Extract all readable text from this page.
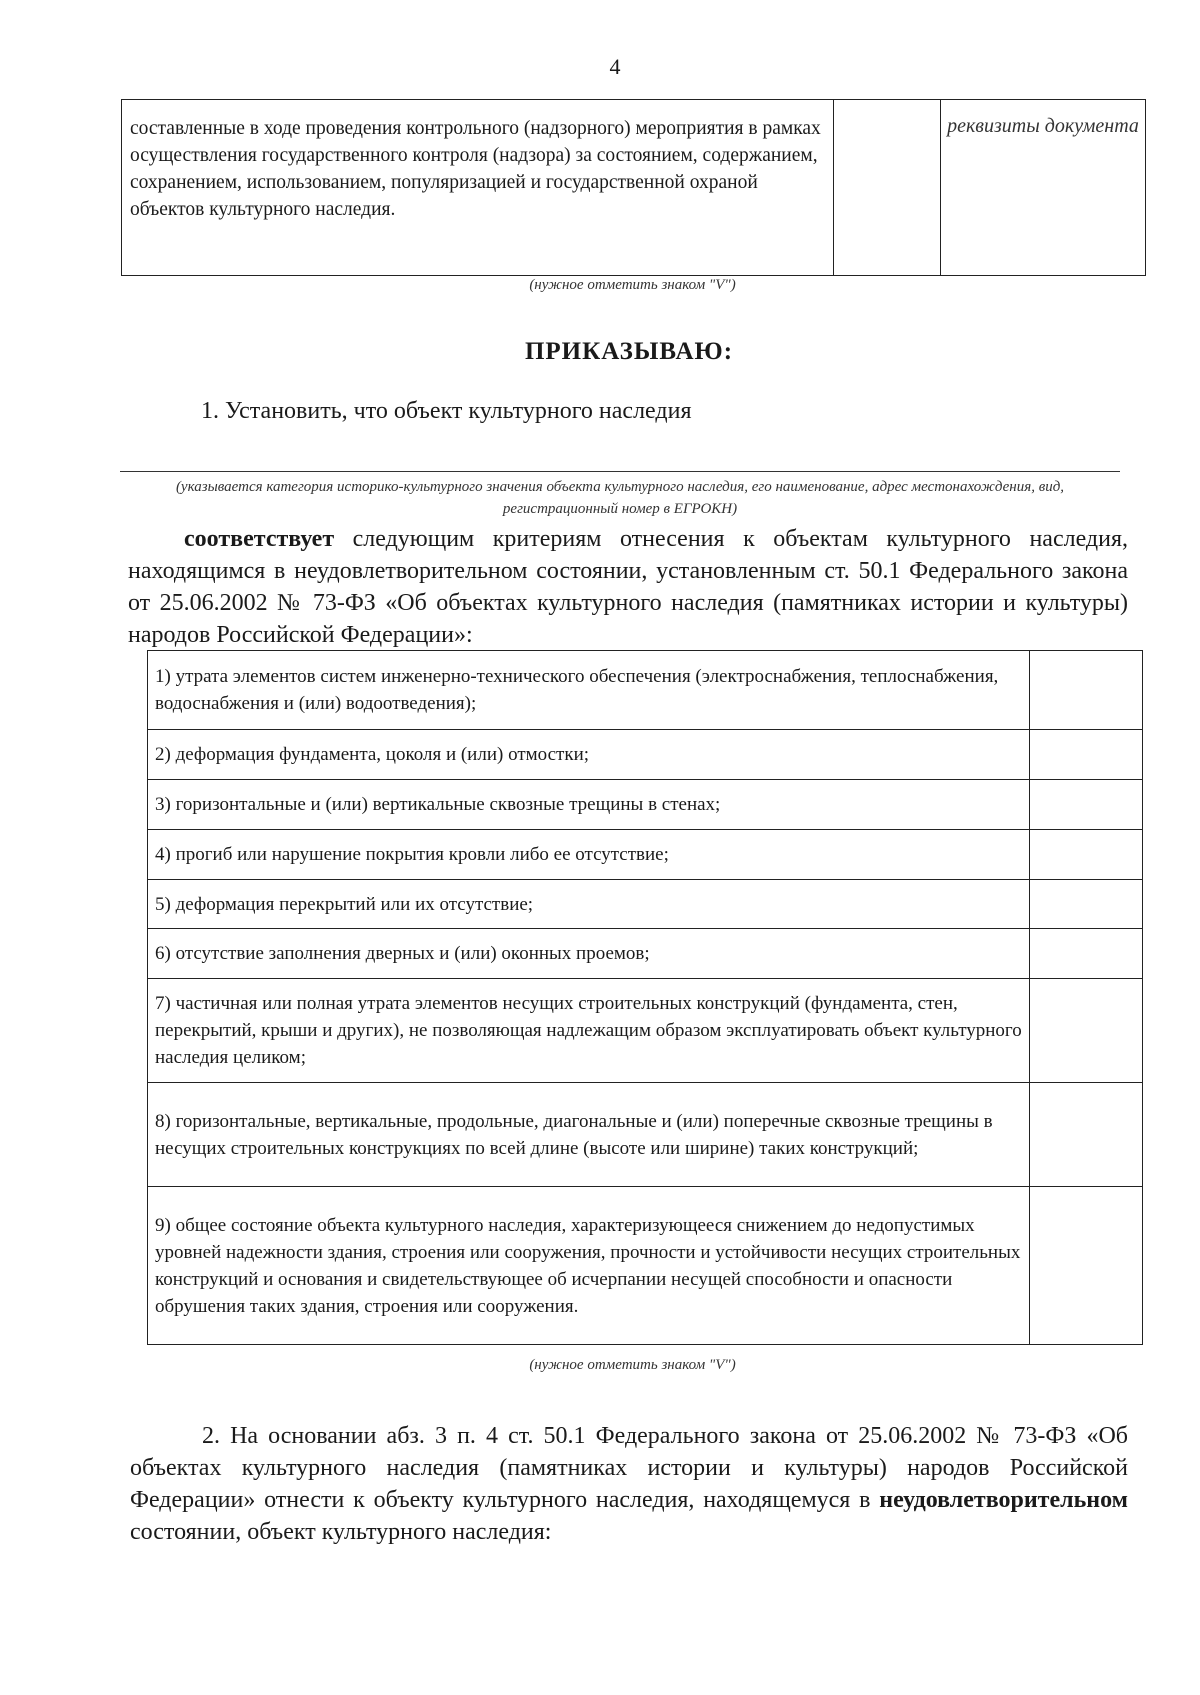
4
составленные в ходе проведения контрольного (надзорного) мероприятия в рамках осуществления государственного контроля (надзора) за состоянием, содержанием, сохранением, использованием, популяризацией и государственной охраной объектов культурного наследия.		реквизиты документа
(нужное отметить знаком "V")
ПРИКАЗЫВАЮ:
1. Установить, что объект культурного наследия
(указывается категория историко-культурного значения объекта культурного наследия, его наименование, адрес местонахождения, вид, регистрационный номер в ЕГРОКН)
соответствует следующим критериям отнесения к объектам культурного наследия, находящимся в неудовлетворительном состоянии, установленным ст. 50.1 Федерального закона от 25.06.2002 № 73-ФЗ «Об объектах культурного наследия (памятниках истории и культуры) народов Российской Федерации»:
1) утрата элементов систем инженерно-технического обеспечения (электроснабжения, теплоснабжения, водоснабжения и (или) водоотведения);	
2) деформация фундамента, цоколя и (или) отмостки;	
3) горизонтальные и (или) вертикальные сквозные трещины в стенах;	
4) прогиб или нарушение покрытия кровли либо ее отсутствие;	
5) деформация перекрытий или их отсутствие;	
6) отсутствие заполнения дверных и (или) оконных проемов;	
7) частичная или полная утрата элементов несущих строительных конструкций (фундамента, стен, перекрытий, крыши и других), не позволяющая надлежащим образом эксплуатировать объект культурного наследия целиком;	
8) горизонтальные, вертикальные, продольные, диагональные и (или) поперечные сквозные трещины в несущих строительных конструкциях по всей длине (высоте или ширине) таких конструкций;	
9) общее состояние объекта культурного наследия, характеризующееся снижением до недопустимых уровней надежности здания, строения или сооружения, прочности и устойчивости несущих строительных конструкций и основания и свидетельствующее об исчерпании несущей способности и опасности обрушения таких здания, строения или сооружения.	
(нужное отметить знаком "V")
2. На основании абз. 3 п. 4 ст. 50.1 Федерального закона от 25.06.2002 № 73-ФЗ «Об объектах культурного наследия (памятниках истории и культуры) народов Российской Федерации» отнести к объекту культурного наследия, находящемуся в неудовлетворительном состоянии, объект культурного наследия:
